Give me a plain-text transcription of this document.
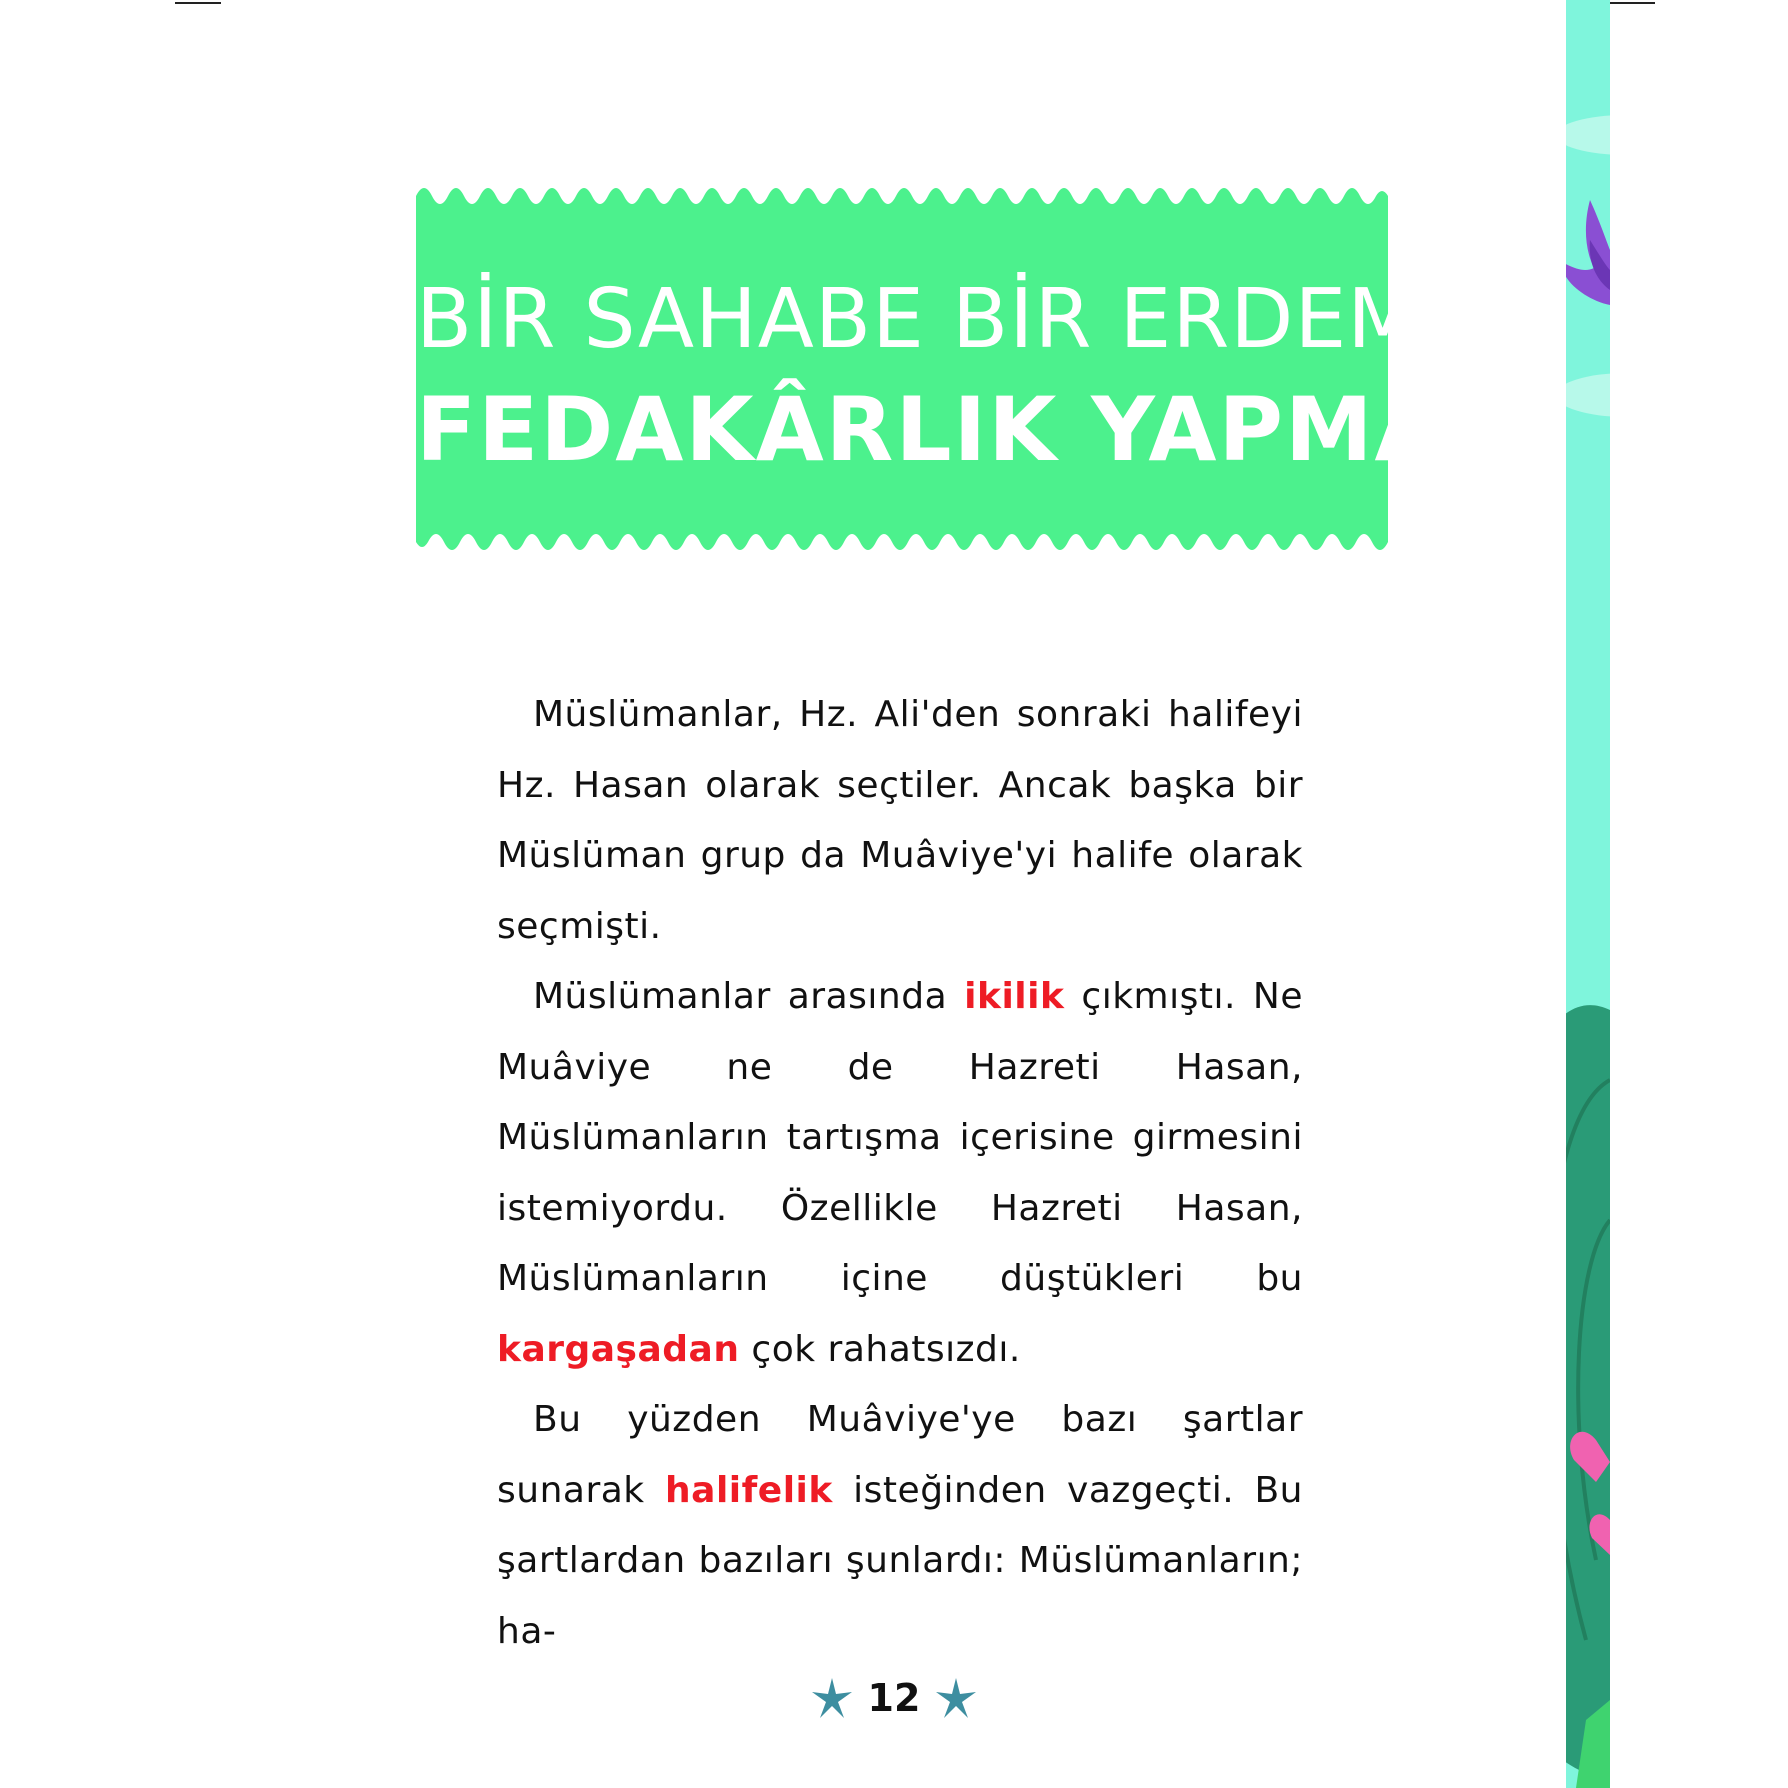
BİR SAHABE BİR ERDEM:
FEDAKÂRLIK YAPMAK

Müslümanlar, Hz. Ali'den sonraki halifeyi Hz. Hasan olarak seçtiler. Ancak başka bir Müslüman grup da Muâviye'yi halife olarak seçmişti.

Müslümanlar arasında ikilik çıkmıştı. Ne Muâviye ne de Hazreti Hasan, Müslümanların tartışma içerisine girmesini istemiyordu. Özellikle Hazreti Hasan, Müslümanların içine düştükleri bu kargaşadan çok rahatsızdı.

Bu yüzden Muâviye'ye bazı şartlar sunarak halifelik isteğinden vazgeçti. Bu şartlardan bazıları şunlardı: Müslümanların; ha-

12
